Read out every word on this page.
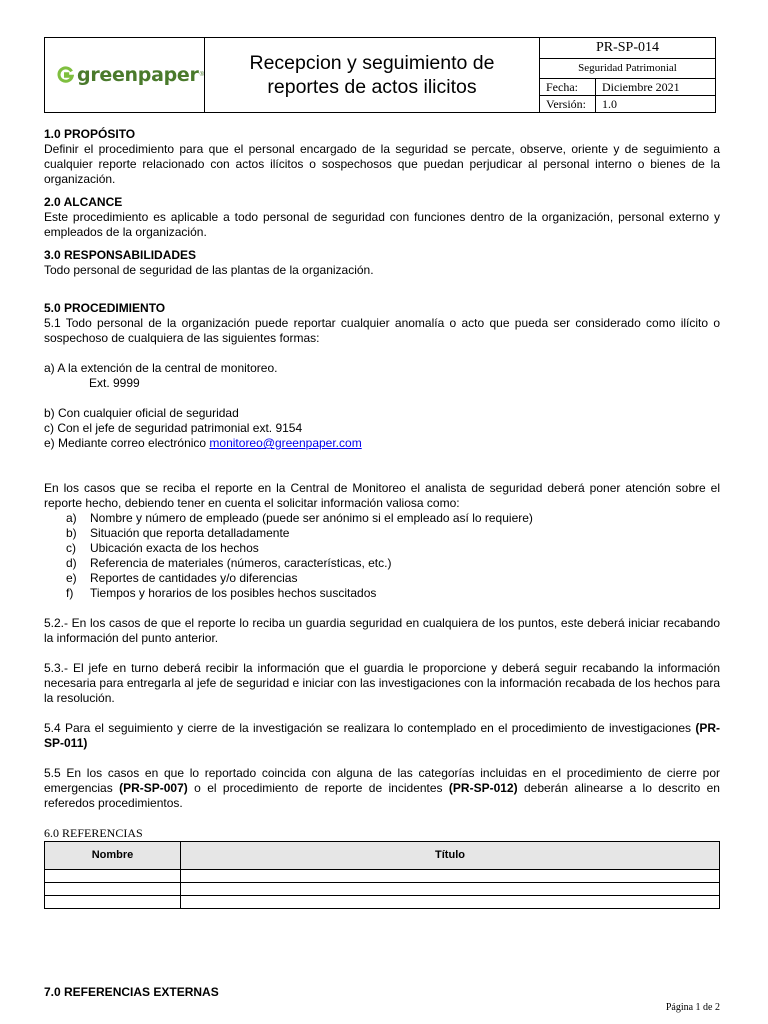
greenpaper ®
Recepcion y seguimiento de reportes de actos ilicitos
PR-SP-014
Seguridad Patrimonial
Fecha:	Diciembre 2021
Versión:	1.0
1.0 PROPÓSITO

Definir el procedimiento para que el personal encargado de la seguridad se percate, observe, oriente y de seguimiento a cualquier reporte relacionado con actos ilícitos o sospechosos que puedan perjudicar al personal interno o bienes de la organización.

2.0 ALCANCE

Este procedimiento es aplicable a todo personal de seguridad con funciones dentro de la organización, personal externo y empleados de la organización.

3.0 RESPONSABILIDADES

Todo personal de seguridad de las plantas de la organización.

5.0 PROCEDIMIENTO

5.1 Todo personal de la organización puede reportar cualquier anomalía o acto que pueda ser considerado como ilícito o sospechoso de cualquiera de las siguientes formas:

a) A la extención de la central de monitoreo.
Ext. 9999
b) Con cualquier oficial de seguridad
c) Con el jefe de seguridad patrimonial ext. 9154
e) Mediante correo electrónico monitoreo@greenpaper.com

En los casos que se reciba el reporte en la Central de Monitoreo el analista de seguridad deberá poner atención sobre el reporte hecho, debiendo tener en cuenta el solicitar información valiosa como:

a)	Nombre y número de empleado (puede ser anónimo si el empleado así lo requiere)
b)	Situación que reporta detalladamente
c)	Ubicación exacta de los hechos
d)	Referencia de materiales (números, características, etc.)
e)	Reportes de cantidades y/o diferencias
f)	Tiempos y horarios de los posibles hechos suscitados

5.2.- En los casos de que el reporte lo reciba un guardia seguridad en cualquiera de los puntos, este deberá iniciar recabando la información del punto anterior.

5.3.- El jefe en turno deberá recibir la información que el guardia le proporcione y deberá seguir recabando la información necesaria para entregarla al jefe de seguridad e iniciar con las investigaciones con la información recabada de los hechos para la resolución.

5.4 Para el seguimiento y cierre de la investigación se realizara lo contemplado en el procedimiento de investigaciones (PR-SP-011)

5.5 En los casos en que lo reportado coincida con alguna de las categorías incluidas en el procedimiento de cierre por emergencias (PR-SP-007) o el procedimiento de reporte de incidentes (PR-SP-012) deberán alinearse a lo descrito en referedos procedimientos.

6.0 REFERENCIAS
Nombre	Título

7.0 REFERENCIAS EXTERNAS
Página 1 de 2
